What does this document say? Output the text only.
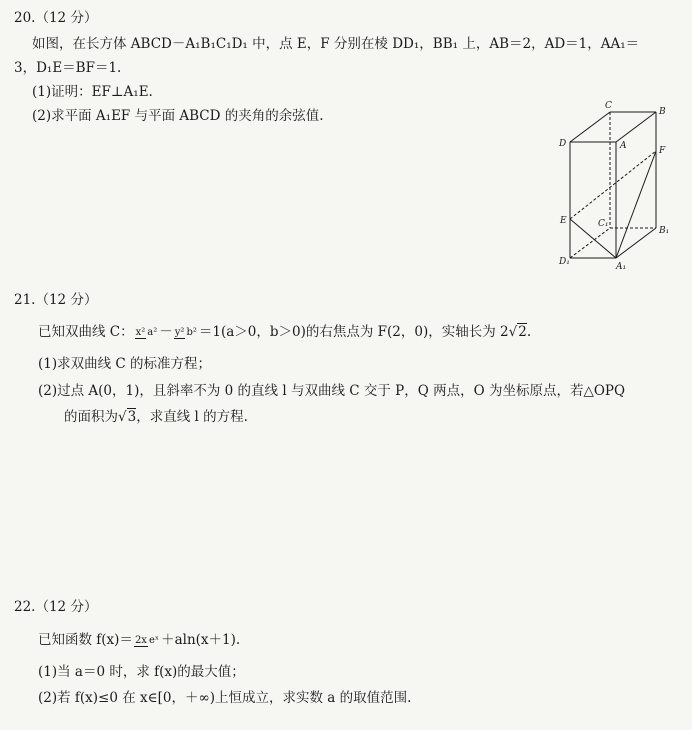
20.（12 分）
如图，在长方体 ABCD－A₁B₁C₁D₁ 中，点 E，F 分别在棱 DD₁，BB₁ 上，AB＝2，AD＝1，AA₁＝
3，D₁E＝BF＝1.
(1)证明：EF⊥A₁E.
(2)求平面 A₁EF 与平面 ABCD 的夹角的余弦值.
C
B
D	A	F
E	C₁
B₁
D₁	A₁
21.（12 分）
已知双曲线 C： x² a² － y² b² ＝1(a＞0，b＞0)的右焦点为 F(2，0)，实轴长为 2√2.
(1)求双曲线 C 的标准方程；
(2)过点 A(0，1)，且斜率不为 0 的直线 l 与双曲线 C 交于 P，Q 两点，O 为坐标原点，若△OPQ
的面积为√3，求直线 l 的方程.
22.（12 分）
已知函数 f(x)＝ 2x eˣ ＋aln(x＋1).
(1)当 a＝0 时，求 f(x)的最大值；
(2)若 f(x)≤0 在 x∈[0，＋∞)上恒成立，求实数 a 的取值范围.
